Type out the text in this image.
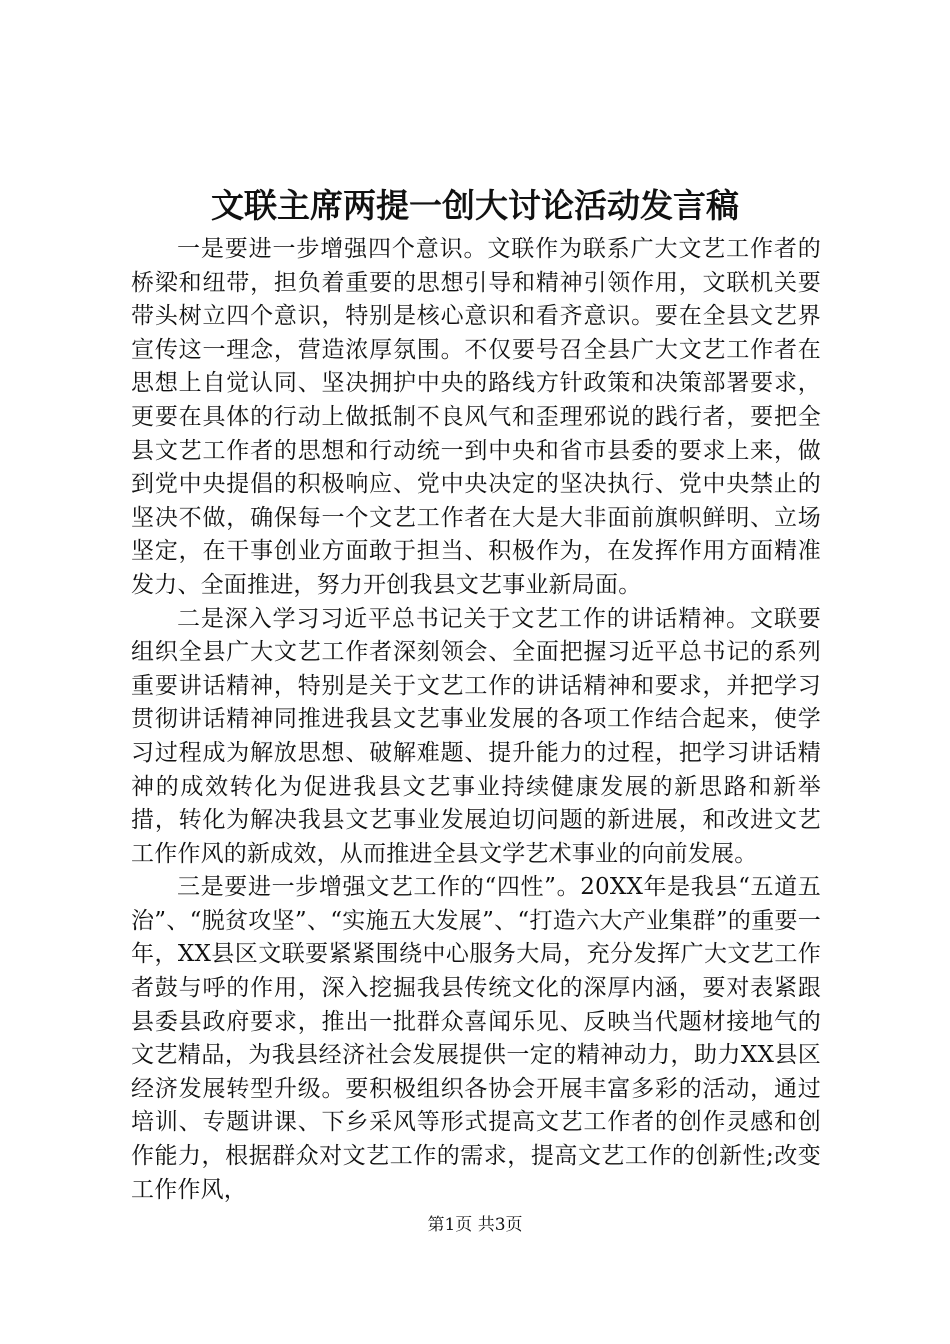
文联主席两提一创大讨论活动发言稿

一是要进一步增强四个意识。文联作为联系广大文艺工作者的桥梁和纽带，担负着重要的思想引导和精神引领作用，文联机关要带头树立四个意识，特别是核心意识和看齐意识。要在全县文艺界宣传这一理念，营造浓厚氛围。不仅要号召全县广大文艺工作者在思想上自觉认同、坚决拥护中央的路线方针政策和决策部署要求，更要在具体的行动上做抵制不良风气和歪理邪说的践行者，要把全县文艺工作者的思想和行动统一到中央和省市县委的要求上来，做到党中央提倡的积极响应、党中央决定的坚决执行、党中央禁止的坚决不做，确保每一个文艺工作者在大是大非面前旗帜鲜明、立场坚定，在干事创业方面敢于担当、积极作为，在发挥作用方面精准发力、全面推进，努力开创我县文艺事业新局面。

二是深入学习习近平总书记关于文艺工作的讲话精神。文联要组织全县广大文艺工作者深刻领会、全面把握习近平总书记的系列重要讲话精神，特别是关于文艺工作的讲话精神和要求，并把学习贯彻讲话精神同推进我县文艺事业发展的各项工作结合起来，使学习过程成为解放思想、破解难题、提升能力的过程，把学习讲话精神的成效转化为促进我县文艺事业持续健康发展的新思路和新举措，转化为解决我县文艺事业发展迫切问题的新进展，和改进文艺工作作风的新成效，从而推进全县文学艺术事业的向前发展。

三是要进一步增强文艺工作的“四性”。20XX年是我县“五道五治”、“脱贫攻坚”、“实施五大发展”、“打造六大产业集群”的重要一年，XX县区文联要紧紧围绕中心服务大局，充分发挥广大文艺工作者鼓与呼的作用，深入挖掘我县传统文化的深厚内涵，要对表紧跟县委县政府要求，推出一批群众喜闻乐见、反映当代题材接地气的文艺精品，为我县经济社会发展提供一定的精神动力，助力XX县区经济发展转型升级。要积极组织各协会开展丰富多彩的活动，通过培训、专题讲课、下乡采风等形式提高文艺工作者的创作灵感和创作能力，根据群众对文艺工作的需求，提高文艺工作的创新性;改变工作作风，

第1页 共3页
